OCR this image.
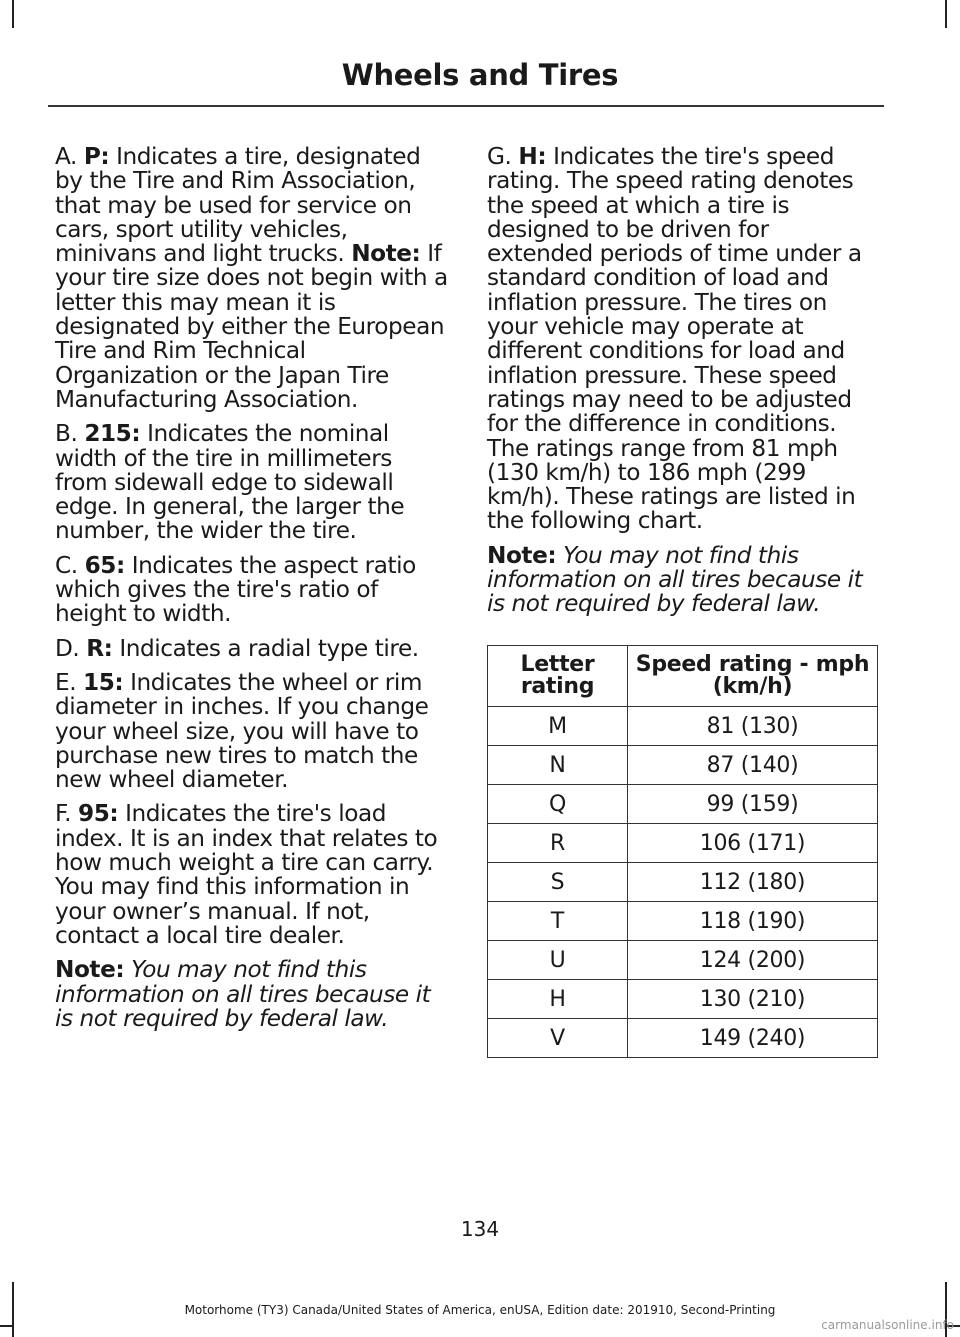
Wheels and Tires

A. P: Indicates a tire, designated by the Tire and Rim Association, that may be used for service on cars, sport utility vehicles, minivans and light trucks. Note: If your tire size does not begin with a letter this may mean it is designated by either the European Tire and Rim Technical Organization or the Japan Tire Manufacturing Association.

B. 215: Indicates the nominal width of the tire in millimeters from sidewall edge to sidewall edge. In general, the larger the number, the wider the tire.

C. 65: Indicates the aspect ratio which gives the tire's ratio of height to width.

D. R: Indicates a radial type tire.

E. 15: Indicates the wheel or rim diameter in inches. If you change your wheel size, you will have to purchase new tires to match the new wheel diameter.

F. 95: Indicates the tire's load index. It is an index that relates to how much weight a tire can carry. You may find this information in your owner’s manual. If not, contact a local tire dealer.

Note: You may not find this information on all tires because it is not required by federal law.

G. H: Indicates the tire's speed rating. The speed rating denotes the speed at which a tire is designed to be driven for extended periods of time under a standard condition of load and inflation pressure. The tires on your vehicle may operate at different conditions for load and inflation pressure. These speed ratings may need to be adjusted for the difference in conditions. The ratings range from 81 mph (130 km/h) to 186 mph (299 km/h). These ratings are listed in the following chart.

Note: You may not find this information on all tires because it is not required by federal law.

Letter rating	Speed rating - mph (km/h)
M	81 (130)
N	87 (140)
Q	99 (159)
R	106 (171)
S	112 (180)
T	118 (190)
U	124 (200)
H	130 (210)
V	149 (240)
134
Motorhome (TY3) Canada/United States of America, enUSA, Edition date: 201910, Second-Printing
carmanualsonline.info
